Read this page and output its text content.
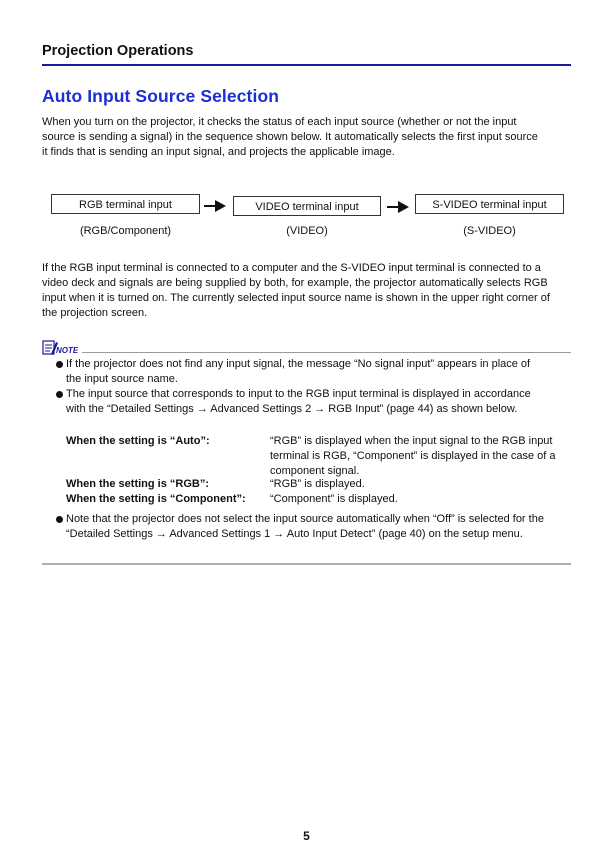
Projection Operations
Auto Input Source Selection
When you turn on the projector, it checks the status of each input source (whether or not the input source is sending a signal) in the sequence shown below. It automatically selects the first input source it finds that is sending an input signal, and projects the applicable image.
RGB terminal input	VIDEO terminal input	S-VIDEO terminal input
(RGB/Component)	(VIDEO)	(S-VIDEO)
If the RGB input terminal is connected to a computer and the S-VIDEO input terminal is connected to a video deck and signals are being supplied by both, for example, the projector automatically selects RGB input when it is turned on. The currently selected input source name is shown in the upper right corner of the projection screen.
NOTE
If the projector does not find any input signal, the message “No signal input” appears in place of the input source name.
The input source that corresponds to input to the RGB input terminal is displayed in accordance with the “Detailed Settings → Advanced Settings 2 → RGB Input” (page 44) as shown below.
When the setting is “Auto”:	“RGB” is displayed when the input signal to the RGB input terminal is RGB, “Component” is displayed in the case of a component signal.
When the setting is “RGB”:	“RGB” is displayed.
When the setting is “Component”: “Component” is displayed.
Note that the projector does not select the input source automatically when “Off” is selected for the “Detailed Settings → Advanced Settings 1 → Auto Input Detect” (page 40) on the setup menu.
5
